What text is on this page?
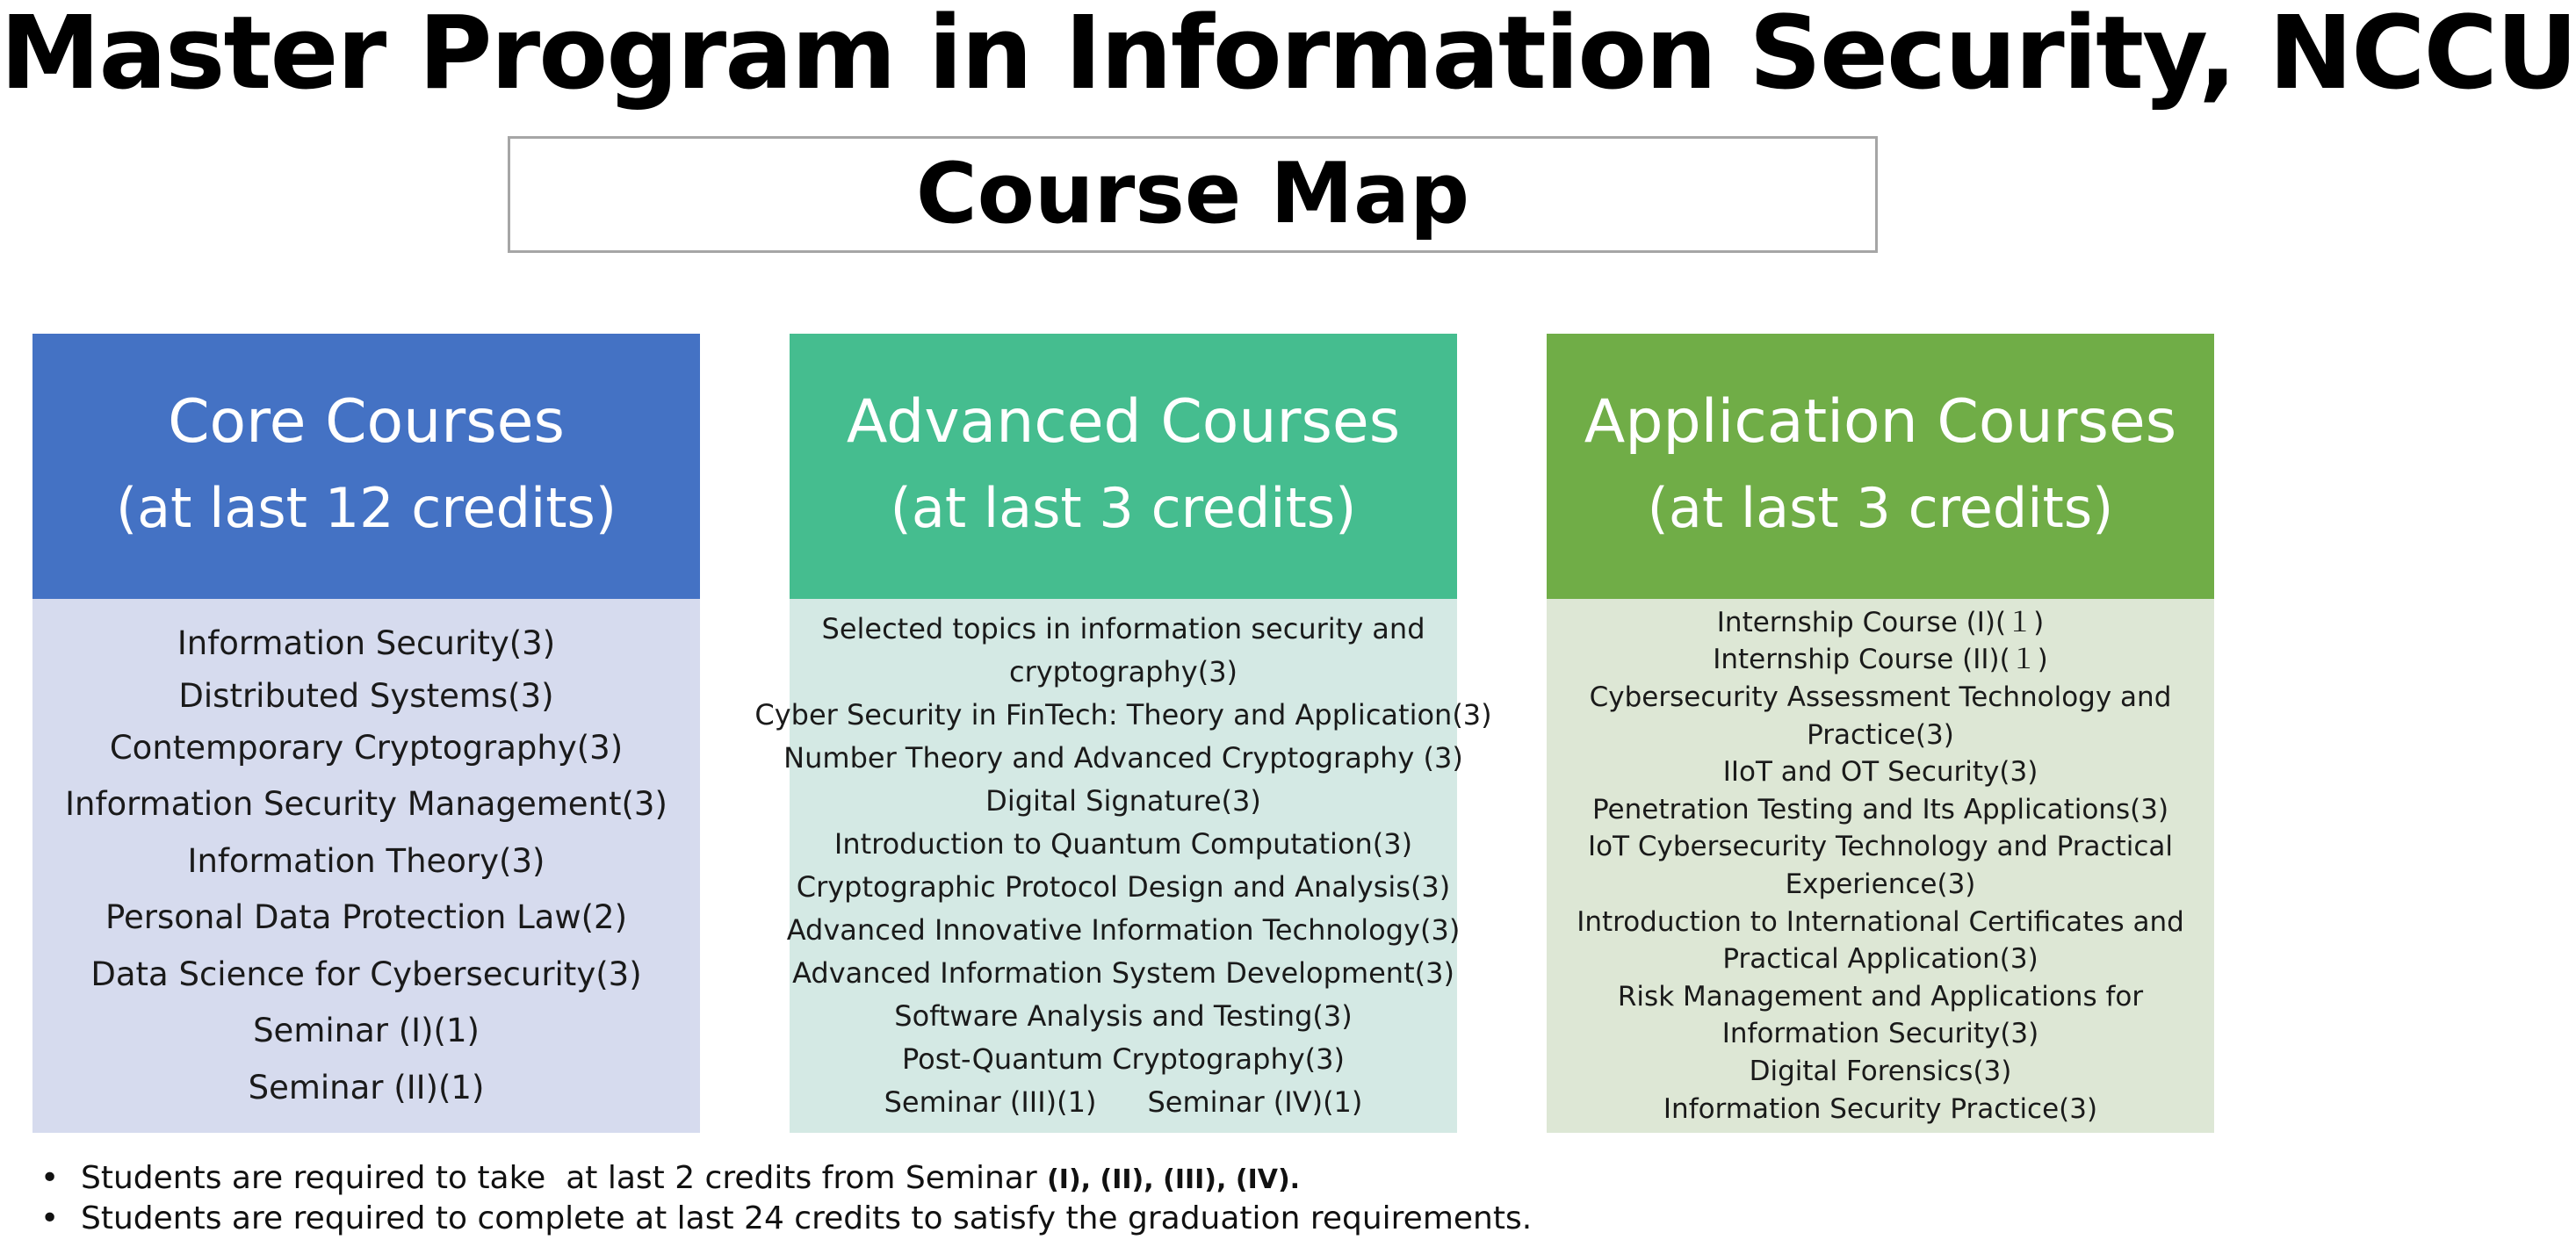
Master Program in Information Security, NCCU
Course Map
Core Courses
(at last 12 credits)
Information Security(3)
Distributed Systems(3)
Contemporary Cryptography(3)
Information Security Management(3)
Information Theory(3)
Personal Data Protection Law(2)
Data Science for Cybersecurity(3)
Seminar (I)(1)
Seminar (II)(1)
Advanced Courses
(at last 3 credits)
Selected topics in information security and
cryptography(3)
Cyber Security in FinTech: Theory and Application(3)
Number Theory and Advanced Cryptography (3)
Digital Signature(3)
Introduction to Quantum Computation(3)
Cryptographic Protocol Design and Analysis(3)
Advanced Innovative Information Technology(3)
Advanced Information System Development(3)
Software Analysis and Testing(3)
Post-Quantum Cryptography(3)
Seminar (III)(1) Seminar (IV)(1)
Application Courses
(at last 3 credits)
Internship Course (I)(１)
Internship Course (II)(１)
Cybersecurity Assessment Technology and
Practice(3)
IIoT and OT Security(3)
Penetration Testing and Its Applications(3)
IoT Cybersecurity Technology and Practical
Experience(3)
Introduction to International Certificates and
Practical Application(3)
Risk Management and Applications for
Information Security(3)
Digital Forensics(3)
Information Security Practice(3)
• Students are required to take  at last 2 credits from Seminar (I), (II), (III), (IV).
• Students are required to complete at last 24 credits to satisfy the graduation requirements.
